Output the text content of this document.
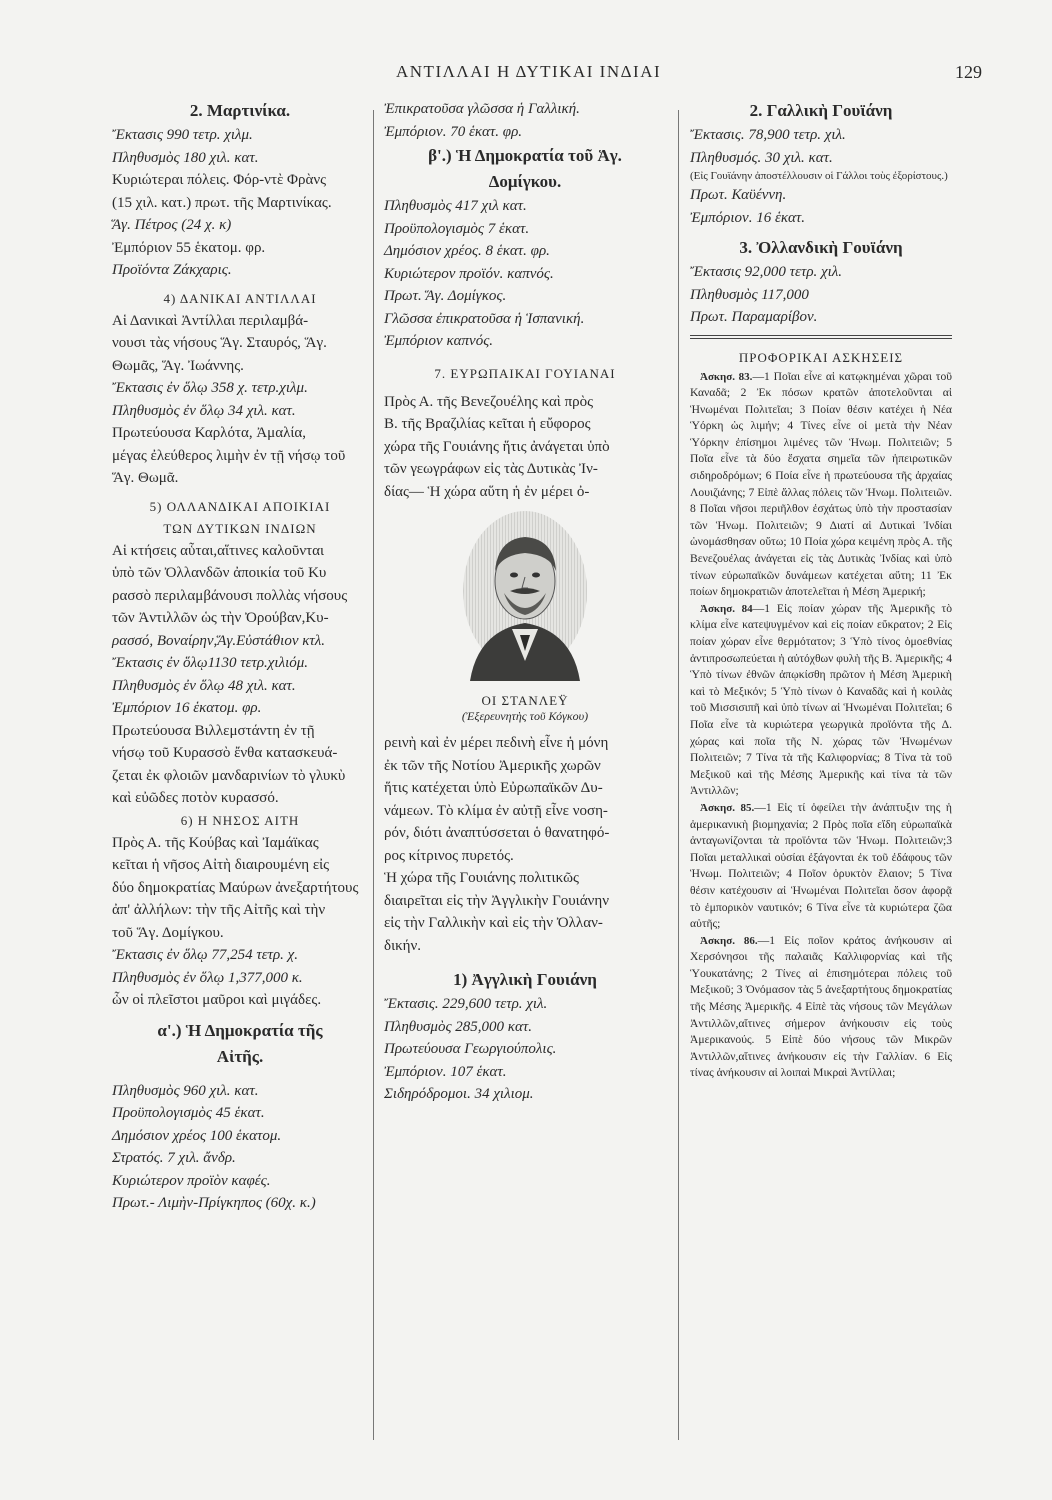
ΑΝΤΙΛΛΑΙ Η ΔΥΤΙΚΑΙ ΙΝΔΙΑΙ	129

2. Μαρτινίκα.

Ἔκτασις 990 τετρ. χιλμ.

Πληθυσμὸς 180 χιλ. κατ.

Κυριώτεραι πόλεις. Φόρ-ντὲ Φρὰνς

(15 χιλ. κατ.) πρωτ. τῆς Μαρτινίκας.

Ἅγ. Πέτρος (24 χ. κ)

Ἐμπόριον 55 ἑκατομ. φρ.

Προϊόντα Ζάκχαρις.

4) ΔΑΝΙΚΑΙ ΑΝΤΙΛΛΑΙ

Αἱ Δανικαὶ Ἀντίλλαι περιλαμβά-

νουσι τὰς νήσους Ἅγ. Σταυρός, Ἅγ.

Θωμᾶς, Ἅγ. Ἰωάννης.

Ἔκτασις ἐν ὅλῳ 358 χ. τετρ.χιλμ.

Πληθυσμὸς ἐν ὅλῳ 34 χιλ. κατ.

Πρωτεύουσα Καρλότα, Ἀμαλία,

μέγας ἐλεύθερος λιμὴν ἐν τῇ νήσῳ τοῦ

Ἅγ. Θωμᾶ.

5) ΟΛΛΑΝΔΙΚΑΙ ΑΠΟΙΚΙΑΙ

ΤΩΝ ΔΥΤΙΚΩΝ ΙΝΔΙΩΝ

Αἱ κτήσεις αὗται,αἵτινες καλοῦνται

ὑπὸ τῶν Ὀλλανδῶν ἀποικία τοῦ Κυ

ρασσὸ περιλαμβάνουσι πολλὰς νήσους

τῶν Ἀντιλλῶν ὡς τὴν Ὀρούβαν,Κυ-

ρασσό, Βοναίρην,Ἅγ.Εὐστάθιον κτλ.

Ἔκτασις ἐν ὅλῳ1130 τετρ.χιλιόμ.

Πληθυσμὸς ἐν ὅλῳ 48 χιλ. κατ.

Ἐμπόριον 16 ἑκατομ. φρ.

Πρωτεύουσα Βιλλεμστάντη ἐν τῇ

νήσῳ τοῦ Κυρασσὸ ἔνθα κατασκευά-

ζεται ἐκ φλοιῶν μανδαρινίων τὸ γλυκὺ

καὶ εὐῶδες ποτὸν κυρασσό.

6) Η ΝΗΣΟΣ ΑΙΤΗ

Πρὸς Α. τῆς Κούβας καὶ Ἰαμάϊκας

κεῖται ἡ νῆσος Αἰτὴ διαιρουμένη εἰς

δύο δημοκρατίας Μαύρων ἀνεξαρτήτους

ἀπ' ἀλλήλων: τὴν τῆς Αἰτῆς καὶ τὴν

τοῦ Ἅγ. Δομίγκου.

Ἔκτασις ἐν ὅλῳ 77,254 τετρ. χ.

Πληθυσμὸς ἐν ὅλῳ 1,377,000 κ.

ὧν οἱ πλεῖστοι μαῦροι καὶ μιγάδες.

α'.) Ἡ Δημοκρατία τῆς

Αἰτῆς.

Πληθυσμὸς 960 χιλ. κατ.

Προϋπολογισμὸς 45 ἑκατ.

Δημόσιον χρέος 100 ἑκατομ.

Στρατός. 7 χιλ. ἄνδρ.

Κυριώτερον προϊὸν καφές.

Πρωτ.- Λιμὴν-Πρίγκηπος (60χ. κ.)

Ἐπικρατοῦσα γλῶσσα ἡ Γαλλική.

Ἐμπόριον. 70 ἑκατ. φρ.

β'.) Ἡ Δημοκρατία τοῦ Ἁγ.

Δομίγκου.

Πληθυσμὸς 417 χιλ κατ.

Προϋπολογισμὸς 7 ἑκατ.

Δημόσιον χρέος. 8 ἑκατ. φρ.

Κυριώτερον προϊόν. καπνός.

Πρωτ. Ἅγ. Δομίγκος.

Γλῶσσα ἐπικρατοῦσα ἡ Ἱσπανική.

Ἐμπόριον καπνός.

7. ΕΥΡΩΠΑΙΚΑΙ ΓΟΥΙΑΝΑΙ

Πρὸς Α. τῆς Βενεζουέλης καὶ πρὸς

Β. τῆς Βραζιλίας κεῖται ἡ εὔφορος

χώρα τῆς Γουιάνης ἥτις ἀνάγεται ὑπὸ

τῶν γεωγράφων εἰς τὰς Δυτικὰς Ἰν-

δίας— Ἡ χώρα αὕτη ἡ ἐν μέρει ὀ-

ΟΙ ΣΤΑΝΛΕΫ
(Ἐξερευνητὴς τοῦ Κόγκου)

ρεινὴ καὶ ἐν μέρει πεδινὴ εἶνε ἡ μόνη

ἐκ τῶν τῆς Νοτίου Ἀμερικῆς χωρῶν

ἥτις κατέχεται ὑπὸ Εὐρωπαϊκῶν Δυ-

νάμεων. Τὸ κλίμα ἐν αὐτῇ εἶνε νοση-

ρόν, διότι ἀναπτύσσεται ὁ θανατηφό-

ρος κίτρινος πυρετός.

Ἡ χώρα τῆς Γουιάνης πολιτικῶς

διαιρεῖται εἰς τὴν Ἀγγλικὴν Γουιάνην

εἰς τὴν Γαλλικὴν καὶ εἰς τὴν Ὀλλαν-

δικήν.

1) Ἀγγλικὴ Γουιάνη

Ἔκτασις. 229,600 τετρ. χιλ.

Πληθυσμὸς 285,000 κατ.

Πρωτεύουσα Γεωργιούπολις.

Ἐμπόριον. 107 ἑκατ.

Σιδηρόδρομοι. 34 χιλιομ.

2. Γαλλικὴ Γουϊάνη

Ἔκτασις. 78,900 τετρ. χιλ.

Πληθυσμός. 30 χιλ. κατ.

(Εἰς Γουϊάνην ἀποστέλλουσιν οἱ Γάλλοι τοὺς ἐξορίστους.)

Πρωτ. Καϋέννη.

Ἐμπόριον. 16 ἑκατ.

3. Ὀλλανδικὴ Γουϊάνη

Ἔκτασις 92,000 τετρ. χιλ.

Πληθυσμὸς 117,000

Πρωτ. Παραμαρίβον.

ΠΡΟΦΟΡΙΚΑΙ ΑΣΚΗΣΕΙΣ

Ἀσκησ. 83.—1 Ποῖαι εἶνε αἱ κατῳκημέναι χῶραι τοῦ Καναδᾶ; 2 Ἐκ πόσων κρατῶν ἀποτελοῦνται αἱ Ἡνωμέναι Πολιτεῖαι; 3 Ποίαν θέσιν κατέχει ἡ Νέα Ὑόρκη ὡς λιμήν; 4 Τίνες εἶνε οἱ μετὰ τὴν Νέαν Ὑόρκην ἐπίσημοι λιμένες τῶν Ἡνωμ. Πολιτειῶν; 5 Ποῖα εἶνε τὰ δύο ἔσχατα σημεῖα τῶν ἠπειρωτικῶν σιδηροδρόμων; 6 Ποία εἶνε ἡ πρωτεύουσα τῆς ἀρχαίας Λουιζιάνης; 7 Εἰπὲ ἄλλας πόλεις τῶν Ἡνωμ. Πολιτειῶν. 8 Ποῖαι νῆσοι περιῆλθον ἐσχάτως ὑπὸ τὴν προστασίαν τῶν Ἡνωμ. Πολιτειῶν; 9 Διατί αἱ Δυτικαὶ Ἰνδίαι ὠνομάσθησαν οὕτω; 10 Ποία χώρα κειμένη πρὸς Α. τῆς Βενεζουέλας ἀνάγεται εἰς τὰς Δυτικὰς Ἰνδίας καὶ ὑπὸ τίνων εὐρωπαϊκῶν δυνάμεων κατέχεται αὕτη; 11 Ἐκ ποίων δημοκρατιῶν ἀποτελεῖται ἡ Μέση Ἀμερική;

Ἀσκησ. 84—1 Εἰς ποίαν χώραν τῆς Ἀμερικῆς τὸ κλίμα εἶνε κατεψυγμένον καὶ εἰς ποίαν εὔκρατον; 2 Εἰς ποίαν χώραν εἶνε θερμότατον; 3 Ὑπὸ τίνος ὁμοεθνίας ἀντιπροσωπεύεται ἡ αὐτόχθων φυλὴ τῆς Β. Ἀμερικῆς; 4 Ὑπὸ τίνων ἐθνῶν ἀπῳκίσθη πρῶτον ἡ Μέση Ἀμερικὴ καὶ τὸ Μεξικόν; 5 Ὑπὸ τίνων ὁ Καναδᾶς καὶ ἡ κοιλὰς τοῦ Μισσισιπῆ καὶ ὑπὸ τίνων αἱ Ἡνωμέναι Πολιτεῖαι; 6 Ποῖα εἶνε τὰ κυριώτερα γεωργικὰ προϊόντα τῆς Δ. χώρας καὶ ποῖα τῆς Ν. χώρας τῶν Ἡνωμένων Πολιτειῶν; 7 Τίνα τὰ τῆς Καλιφορνίας; 8 Τίνα τὰ τοῦ Μεξικοῦ καὶ τῆς Μέσης Ἀμερικῆς καὶ τίνα τὰ τῶν Ἀντιλλῶν;

Ἀσκησ. 85.—1 Εἰς τί ὀφείλει τὴν ἀνάπτυξιν της ἡ ἀμερικανικὴ βιομηχανία; 2 Πρὸς ποῖα εἴδη εὐρωπαϊκὰ ἀνταγωνίζονται τὰ προϊόντα τῶν Ἡνωμ. Πολιτειῶν;3 Ποῖαι μεταλλικαὶ οὐσίαι ἐξάγονται ἐκ τοῦ ἐδάφους τῶν Ἡνωμ. Πολιτειῶν; 4 Ποῖον ὀρυκτὸν ἔλαιον; 5 Τίνα θέσιν κατέχουσιν αἱ Ἡνωμέναι Πολιτεῖαι ὅσον ἀφορᾷ τὸ ἐμπορικὸν ναυτικόν; 6 Τίνα εἶνε τὰ κυριώτερα ζῶα αὐτῆς;

Ἀσκησ. 86.—1 Εἰς ποῖον κράτος ἀνήκουσιν αἱ Χερσόνησοι τῆς παλαιᾶς Καλλιφορνίας καὶ τῆς Ὑουκατάνης; 2 Τίνες αἱ ἐπισημότεραι πόλεις τοῦ Μεξικοῦ; 3 Ὀνόμασον τὰς 5 ἀνεξαρτήτους δημοκρατίας τῆς Μέσης Ἀμερικῆς. 4 Εἰπὲ τὰς νήσους τῶν Μεγάλων Ἀντιλλῶν,αἵτινες σήμερον ἀνήκουσιν εἰς τοὺς Ἀμερικανούς. 5 Εἰπὲ δύο νήσους τῶν Μικρῶν Ἀντιλλῶν,αἵτινες ἀνήκουσιν εἰς τὴν Γαλλίαν. 6 Εἰς τίνας ἀνήκουσιν αἱ λοιπαὶ Μικραὶ Ἀντίλλαι;
